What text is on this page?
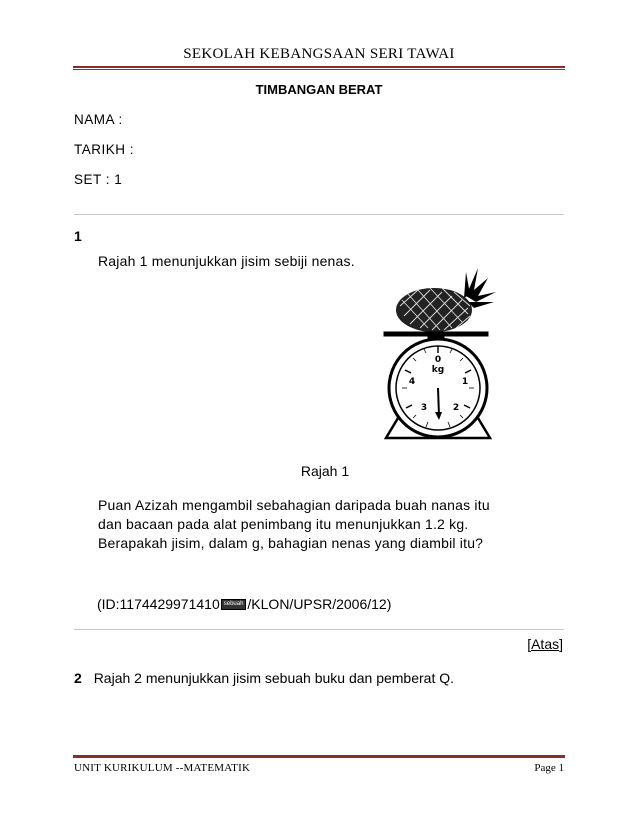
SEKOLAH KEBANGSAAN SERI TAWAI
TIMBANGAN BERAT
NAMA :
TARIKH :
SET : 1
1
Rajah 1 menunjukkan jisim sebiji nenas.
0
kg
1
2
3
4
Rajah 1
Puan Azizah mengambil sebahagian daripada buah nanas itu
dan bacaan pada alat penimbang itu menunjukkan 1.2 kg.
Berapakah jisim, dalam g, bahagian nenas yang diambil itu?
(ID:1174429971410 sebuah /KLON/UPSR/2006/12)
[Atas]
2 Rajah 2 menunjukkan jisim sebuah buku dan pemberat Q.
UNIT KURIKULUM --MATEMATIK	Page 1
